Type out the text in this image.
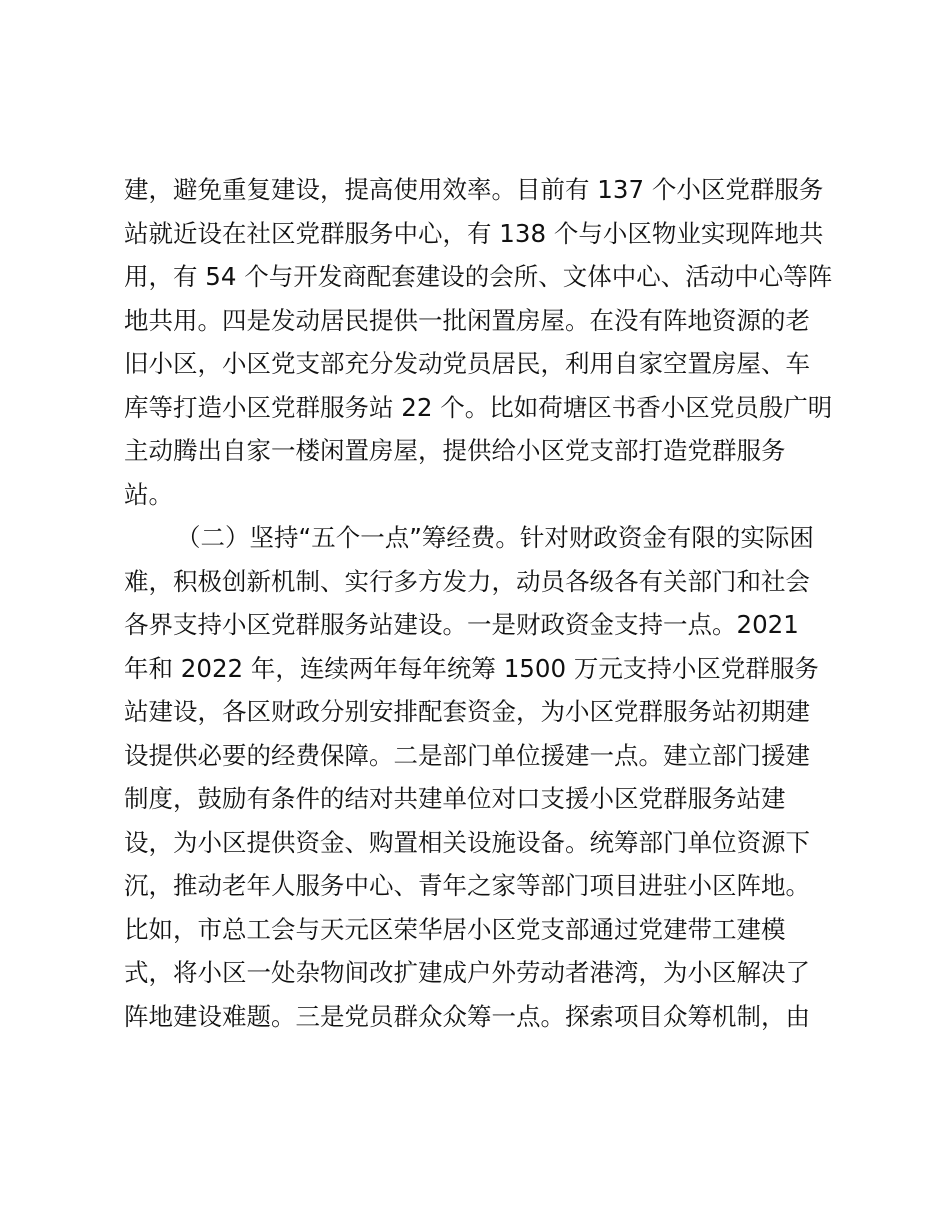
建，避免重复建设，提高使用效率。目前有 137 个小区党群服务
站就近设在社区党群服务中心，有 138 个与小区物业实现阵地共
用，有 54 个与开发商配套建设的会所、文体中心、活动中心等阵
地共用。四是发动居民提供一批闲置房屋。在没有阵地资源的老
旧小区，小区党支部充分发动党员居民，利用自家空置房屋、车
库等打造小区党群服务站 22 个。比如荷塘区书香小区党员殷广明
主动腾出自家一楼闲置房屋，提供给小区党支部打造党群服务
站。
（二）坚持“五个一点”筹经费。针对财政资金有限的实际困
难，积极创新机制、实行多方发力，动员各级各有关部门和社会
各界支持小区党群服务站建设。一是财政资金支持一点。2021
年和 2022 年，连续两年每年统筹 1500 万元支持小区党群服务
站建设，各区财政分别安排配套资金，为小区党群服务站初期建
设提供必要的经费保障。二是部门单位援建一点。建立部门援建
制度，鼓励有条件的结对共建单位对口支援小区党群服务站建
设，为小区提供资金、购置相关设施设备。统筹部门单位资源下
沉，推动老年人服务中心、青年之家等部门项目进驻小区阵地。
比如，市总工会与天元区荣华居小区党支部通过党建带工建模
式，将小区一处杂物间改扩建成户外劳动者港湾，为小区解决了
阵地建设难题。三是党员群众众筹一点。探索项目众筹机制，由
